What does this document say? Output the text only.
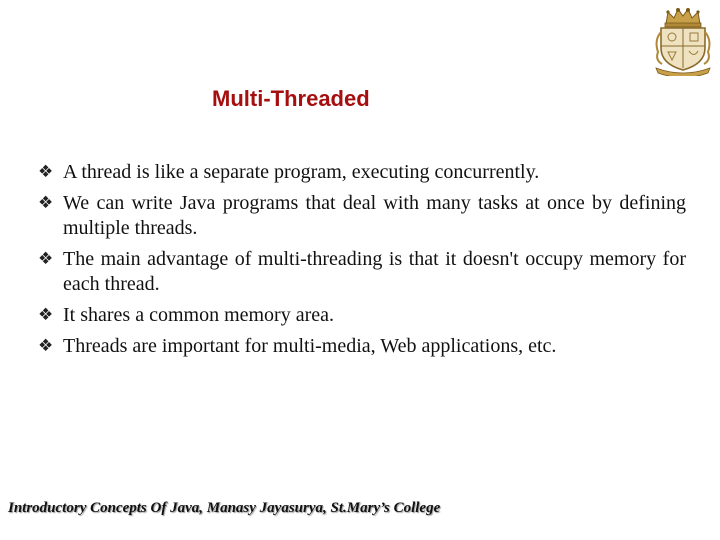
Multi-Threaded
❖ A thread is like a separate program, executing concurrently.
❖ We can write Java programs that deal with many tasks at once by defining multiple threads.
❖ The main advantage of multi-threading is that it doesn't occupy memory for each thread.
❖ It shares a common memory area.
❖ Threads are important for multi-media, Web applications, etc.
Introductory Concepts Of Java, Manasy Jayasurya, St.Mary’s College
